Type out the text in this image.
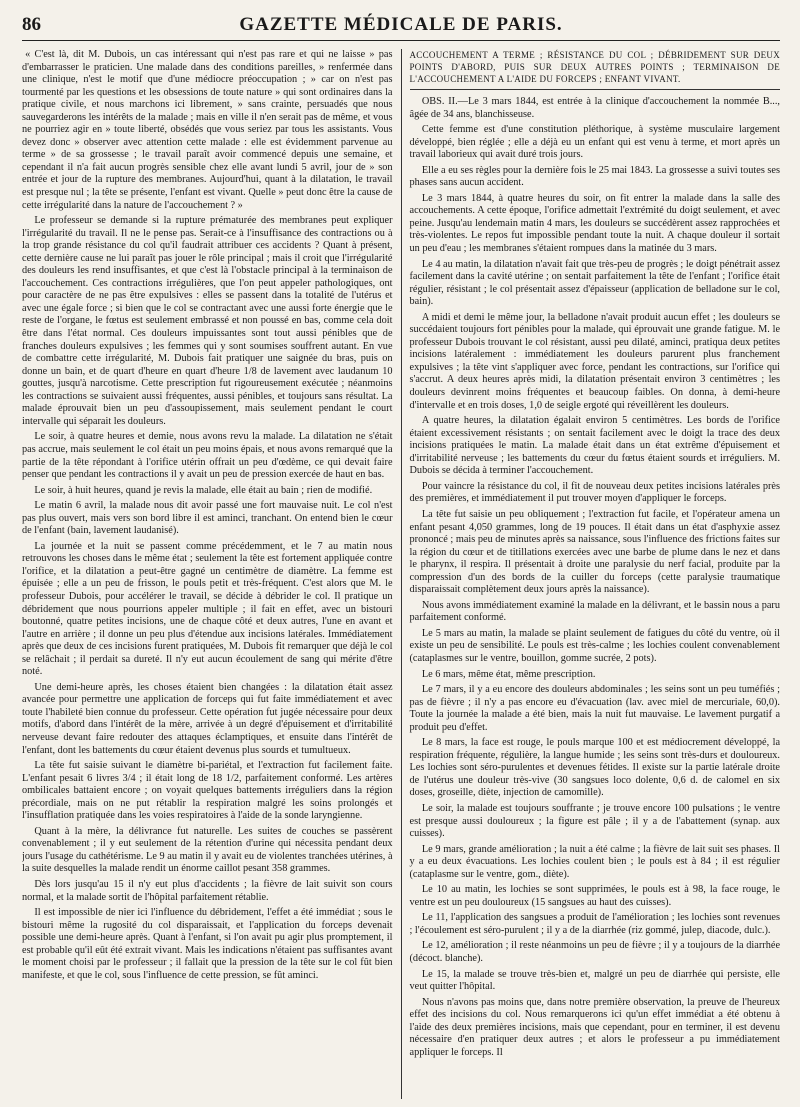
86	GAZETTE MÉDICALE DE PARIS.

« C'est là, dit M. Dubois, un cas intéressant qui n'est pas rare et qui ne laisse » pas d'embarrasser le praticien. Une malade dans des conditions pareilles, » renfermée dans une clinique, n'est le motif que d'une médiocre préoccupation ; » car on n'est pas tourmenté par les questions et les obsessions de toute nature » qui sont ordinaires dans la pratique civile, et nous marchons ici librement, » sans crainte, persuadés que nous sauvegarderons les intérêts de la malade ; mais en ville il n'en serait pas de même, et vous ne pourriez agir en » toute liberté, obsédés que vous seriez par tous les assistants. Vous devez donc » observer avec attention cette malade : elle est évidemment parvenue au terme » de sa grossesse ; le travail paraît avoir commencé depuis une semaine, et cependant il n'a fait aucun progrès sensible chez elle avant lundi 5 avril, jour de » son entrée et jour de la rupture des membranes. Aujourd'hui, quant à la dilatation, le travail est presque nul ; la tête se présente, l'enfant est vivant. Quelle » peut donc être la cause de cette irrégularité dans la nature de l'accouchement ? »

Le professeur se demande si la rupture prématurée des membranes peut expliquer l'irrégularité du travail. Il ne le pense pas. Serait-ce à l'insuffisance des contractions ou à la trop grande résistance du col qu'il faudrait attribuer ces accidents ? Quant à présent, cette dernière cause ne lui paraît pas jouer le rôle principal ; mais il croit que l'irrégularité des douleurs les rend insuffisantes, et que c'est là l'obstacle principal à la terminaison de l'accouchement. Ces contractions irrégulières, que l'on peut appeler pathologiques, ont pour caractère de ne pas être expulsives : elles se passent dans la totalité de l'utérus et avec une égale force ; si bien que le col se contractant avec une aussi forte énergie que le reste de l'organe, le fœtus est seulement embrassé et non poussé en bas, comme cela doit être dans l'état normal. Ces douleurs impuissantes sont tout aussi pénibles que de franches douleurs expulsives ; les femmes qui y sont soumises souffrent autant. En vue de combattre cette irrégularité, M. Dubois fait pratiquer une saignée du bras, puis on donne un bain, et de quart d'heure en quart d'heure 1/8 de lavement avec laudanum 10 gouttes, jusqu'à narcotisme. Cette prescription fut rigoureusement exécutée ; néanmoins les contractions se suivaient aussi fréquentes, aussi pénibles, et toujours sans résultat. La malade éprouvait bien un peu d'assoupissement, mais seulement pendant le court intervalle qui séparait les douleurs.

Le soir, à quatre heures et demie, nous avons revu la malade. La dilatation ne s'était pas accrue, mais seulement le col était un peu moins épais, et nous avons remarqué que la partie de la tête répondant à l'orifice utérin offrait un peu d'œdème, ce qui devait faire penser que pendant les contractions il y avait un peu de pression exercée de haut en bas.

Le soir, à huit heures, quand je revis la malade, elle était au bain ; rien de modifié.

Le matin 6 avril, la malade nous dit avoir passé une fort mauvaise nuit. Le col n'est pas plus ouvert, mais vers son bord libre il est aminci, tranchant. On entend bien le cœur de l'enfant (bain, lavement laudanisé).

La journée et la nuit se passent comme précédemment, et le 7 au matin nous retrouvons les choses dans le même état ; seulement la tête est fortement appliquée contre l'orifice, et la dilatation a peut-être gagné un centimètre de diamètre. La femme est épuisée ; elle a un peu de frisson, le pouls petit et très-fréquent. C'est alors que M. le professeur Dubois, pour accélérer le travail, se décide à débrider le col. Il pratique un débridement que nous pourrions appeler multiple ; il fait en effet, avec un bistouri boutonné, quatre petites incisions, une de chaque côté et deux autres, l'une en avant et l'autre en arrière ; il donne un peu plus d'étendue aux incisions latérales. Immédiatement après que deux de ces incisions furent pratiquées, M. Dubois fit remarquer que déjà le col se relâchait ; il perdait sa dureté. Il n'y eut aucun écoulement de sang qui mérite d'être noté.

Une demi-heure après, les choses étaient bien changées : la dilatation était assez avancée pour permettre une application de forceps qui fut faite immédiatement et avec toute l'habileté bien connue du professeur. Cette opération fut jugée nécessaire pour deux motifs, d'abord dans l'intérêt de la mère, arrivée à un degré d'épuisement et d'irritabilité nerveuse devant faire redouter des attaques éclamptiques, et ensuite dans l'intérêt de l'enfant, dont les battements du cœur étaient devenus plus sourds et tumultueux.

La tête fut saisie suivant le diamètre bi-pariétal, et l'extraction fut facilement faite. L'enfant pesait 6 livres 3/4 ; il était long de 18 1/2, parfaitement conformé. Les artères ombilicales battaient encore ; on voyait quelques battements irréguliers dans la région précordiale, mais on ne put rétablir la respiration malgré les soins prolongés et l'insufflation pratiquée dans les voies respiratoires à l'aide de la sonde laryngienne.

Quant à la mère, la délivrance fut naturelle. Les suites de couches se passèrent convenablement ; il y eut seulement de la rétention d'urine qui nécessita pendant deux jours l'usage du cathétérisme. Le 9 au matin il y avait eu de violentes tranchées utérines, à la suite desquelles la malade rendit un énorme caillot pesant 358 grammes.

Dès lors jusqu'au 15 il n'y eut plus d'accidents ; la fièvre de lait suivit son cours normal, et la malade sortit de l'hôpital parfaitement rétablie.

Il est impossible de nier ici l'influence du débridement, l'effet a été immédiat ; sous le bistouri même la rugosité du col disparaissait, et l'application du forceps devenait possible une demi-heure après. Quant à l'enfant, si l'on avait pu agir plus promptement, il est probable qu'il eût été extrait vivant. Mais les indications n'étaient pas suffisantes avant le moment choisi par le professeur ; il fallait que la pression de la tête sur le col fût bien manifeste, et que le col, sous l'influence de cette pression, se fût aminci.

ACCOUCHEMENT A TERME ; RÉSISTANCE DU COL ; DÉBRIDEMENT SUR DEUX POINTS D'ABORD, PUIS SUR DEUX AUTRES POINTS ; TERMINAISON DE L'ACCOUCHEMENT A L'AIDE DU FORCEPS ; ENFANT VIVANT.

OBS. II.—Le 3 mars 1844, est entrée à la clinique d'accouchement la nommée B..., âgée de 34 ans, blanchisseuse.

Cette femme est d'une constitution pléthorique, à système musculaire largement développé, bien réglée ; elle a déjà eu un enfant qui est venu à terme, et mort après un travail laborieux qui avait duré trois jours.

Elle a eu ses règles pour la dernière fois le 25 mai 1843. La grossesse a suivi toutes ses phases sans aucun accident.

Le 3 mars 1844, à quatre heures du soir, on fit entrer la malade dans la salle des accouchements. A cette époque, l'orifice admettait l'extrémité du doigt seulement, et avec peine. Jusqu'au lendemain matin 4 mars, les douleurs se succédèrent assez rapprochées et très-violentes. Le repos fut impossible pendant toute la nuit. A chaque douleur il sortait un peu d'eau ; les membranes s'étaient rompues dans la matinée du 3 mars.

Le 4 au matin, la dilatation n'avait fait que très-peu de progrès ; le doigt pénétrait assez facilement dans la cavité utérine ; on sentait parfaitement la tête de l'enfant ; l'orifice était régulier, résistant ; le col présentait assez d'épaisseur (application de belladone sur le col, bain).

A midi et demi le même jour, la belladone n'avait produit aucun effet ; les douleurs se succédaient toujours fort pénibles pour la malade, qui éprouvait une grande fatigue. M. le professeur Dubois trouvant le col résistant, aussi peu dilaté, aminci, pratiqua deux petites incisions latéralement : immédiatement les douleurs parurent plus franchement expulsives ; la tête vint s'appliquer avec force, pendant les contractions, sur l'orifice qui s'accrut. A deux heures après midi, la dilatation présentait environ 3 centimètres ; les douleurs devinrent moins fréquentes et beaucoup faibles. On donna, à demi-heure d'intervalle et en trois doses, 1,0 de seigle ergoté qui réveillèrent les douleurs.

A quatre heures, la dilatation égalait environ 5 centimètres. Les bords de l'orifice étaient excessivement résistants ; on sentait facilement avec le doigt la trace des deux incisions pratiquées le matin. La malade était dans un état extrême d'épuisement et d'irritabilité nerveuse ; les battements du cœur du fœtus étaient sourds et irréguliers. M. Dubois se décida à terminer l'accouchement.

Pour vaincre la résistance du col, il fit de nouveau deux petites incisions latérales près des premières, et immédiatement il put trouver moyen d'appliquer le forceps.

La tête fut saisie un peu obliquement ; l'extraction fut facile, et l'opérateur amena un enfant pesant 4,050 grammes, long de 19 pouces. Il était dans un état d'asphyxie assez prononcé ; mais peu de minutes après sa naissance, sous l'influence des frictions faites sur la région du cœur et de titillations exercées avec une barbe de plume dans le nez et dans le pharynx, il respira. Il présentait à droite une paralysie du nerf facial, produite par la compression d'un des bords de la cuiller du forceps (cette paralysie traumatique disparaissait complètement deux jours après la naissance).

Nous avons immédiatement examiné la malade en la délivrant, et le bassin nous a paru parfaitement conformé.

Le 5 mars au matin, la malade se plaint seulement de fatigues du côté du ventre, où il existe un peu de sensibilité. Le pouls est très-calme ; les lochies coulent convenablement (cataplasmes sur le ventre, bouillon, gomme sucrée, 2 pots).

Le 6 mars, même état, même prescription.

Le 7 mars, il y a eu encore des douleurs abdominales ; les seins sont un peu tuméfiés ; pas de fièvre ; il n'y a pas encore eu d'évacuation (lav. avec miel de mercuriale, 60,0). Toute la journée la malade a été bien, mais la nuit fut mauvaise. Le lavement purgatif a produit peu d'effet.

Le 8 mars, la face est rouge, le pouls marque 100 et est médiocrement développé, la respiration fréquente, régulière, la langue humide ; les seins sont très-durs et douloureux. Les lochies sont séro-purulentes et devenues fétides. Il existe sur la partie latérale droite de l'utérus une douleur très-vive (30 sangsues loco dolente, 0,6 d. de calomel en six doses, groseille, diète, injection de camomille).

Le soir, la malade est toujours souffrante ; je trouve encore 100 pulsations ; le ventre est presque aussi douloureux ; la figure est pâle ; il y a de l'abattement (synap. aux cuisses).

Le 9 mars, grande amélioration ; la nuit a été calme ; la fièvre de lait suit ses phases. Il y a eu deux évacuations. Les lochies coulent bien ; le pouls est à 84 ; il est régulier (cataplasme sur le ventre, gom., diète).

Le 10 au matin, les lochies se sont supprimées, le pouls est à 98, la face rouge, le ventre est un peu douloureux (15 sangsues au haut des cuisses).

Le 11, l'application des sangsues a produit de l'amélioration ; les lochies sont revenues ; l'écoulement est séro-purulent ; il y a de la diarrhée (riz gommé, julep, diacode, dulc.).

Le 12, amélioration ; il reste néanmoins un peu de fièvre ; il y a toujours de la diarrhée (décoct. blanche).

Le 15, la malade se trouve très-bien et, malgré un peu de diarrhée qui persiste, elle veut quitter l'hôpital.

Nous n'avons pas moins que, dans notre première observation, la preuve de l'heureux effet des incisions du col. Nous remarquerons ici qu'un effet immédiat a été obtenu à l'aide des deux premières incisions, mais que cependant, pour en terminer, il est devenu nécessaire d'en pratiquer deux autres ; et alors le professeur a pu immédiatement appliquer le forceps. Il
